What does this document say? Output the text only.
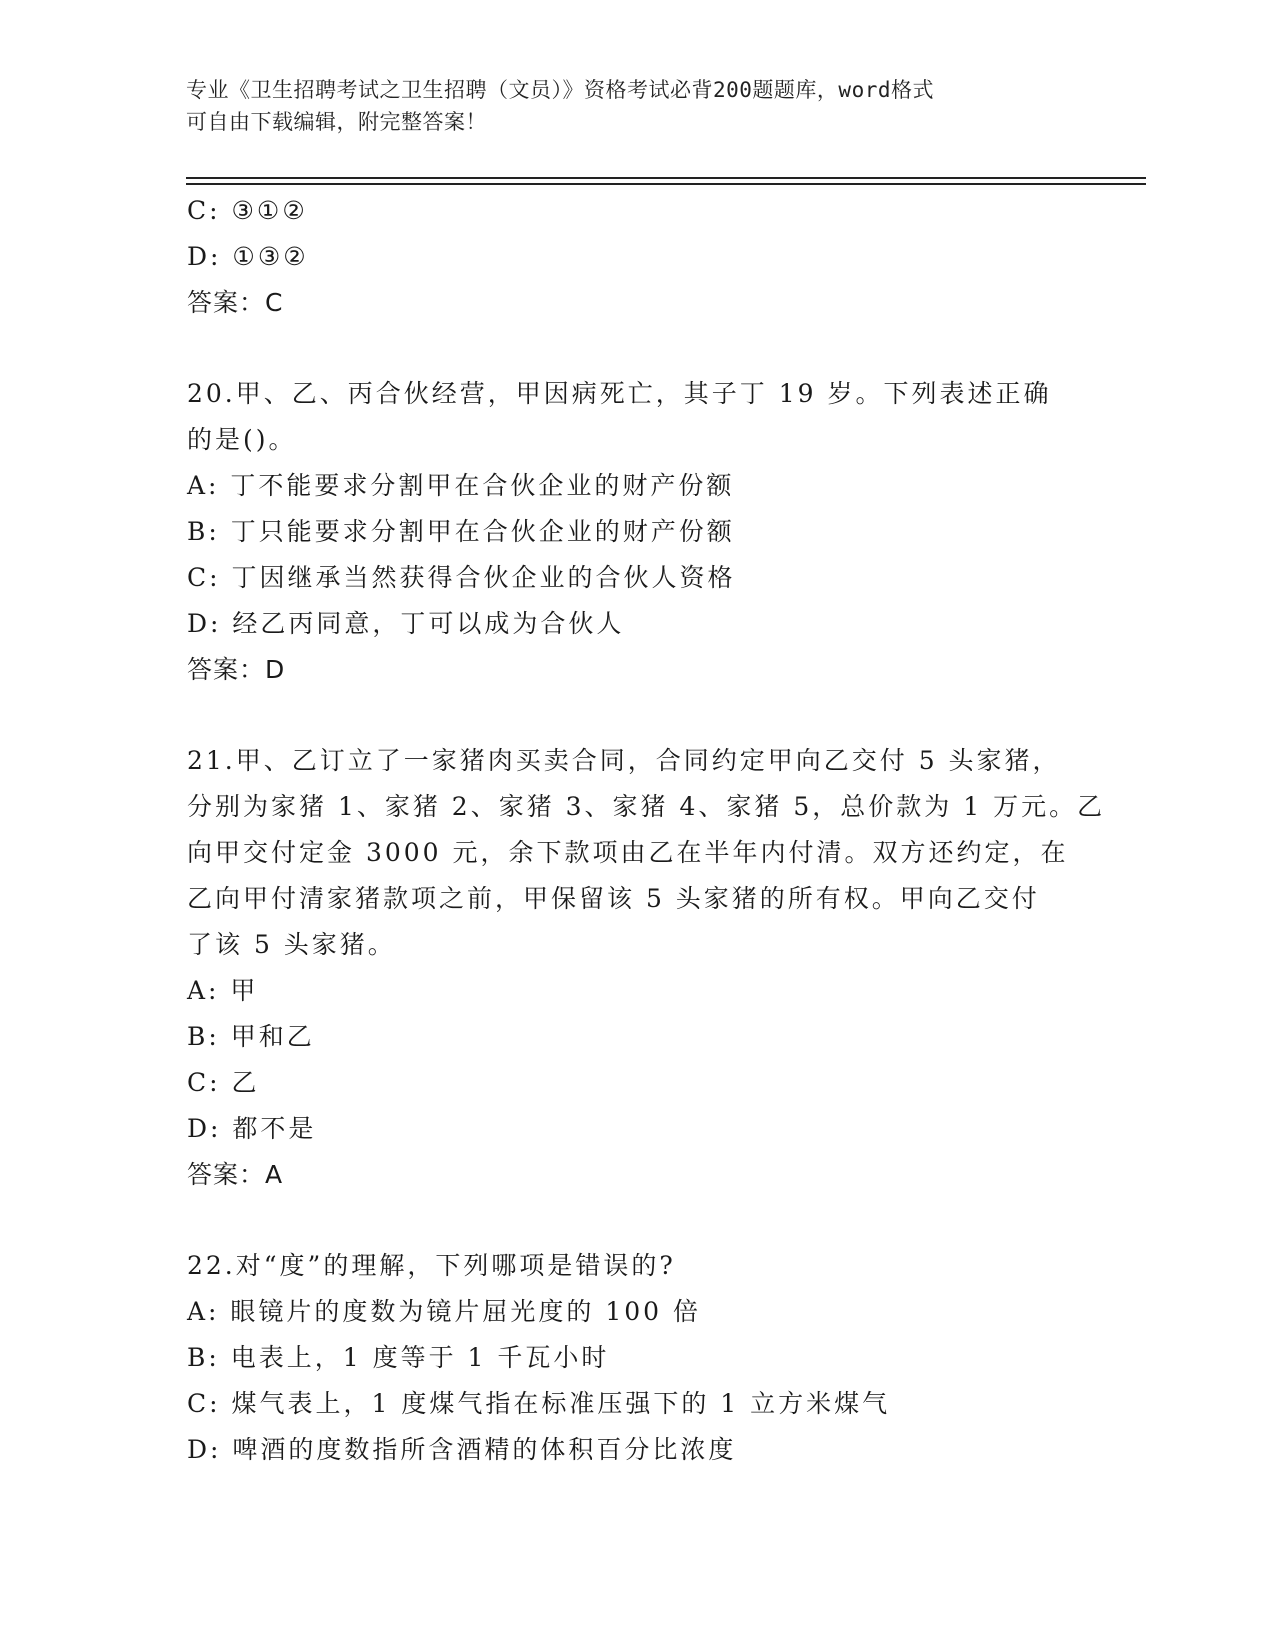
专业《卫生招聘考试之卫生招聘（文员）》资格考试必背200题题库，word格式
可自由下载编辑，附完整答案！
C: ③①②
D: ①③②
答案：C
20.甲、乙、丙合伙经营，甲因病死亡，其子丁 19 岁。下列表述正确
的是()。
A: 丁不能要求分割甲在合伙企业的财产份额
B: 丁只能要求分割甲在合伙企业的财产份额
C: 丁因继承当然获得合伙企业的合伙人资格
D: 经乙丙同意，丁可以成为合伙人
答案：D
21.甲、乙订立了一家猪肉买卖合同，合同约定甲向乙交付 5 头家猪，
分别为家猪 1、家猪 2、家猪 3、家猪 4、家猪 5，总价款为 1 万元。乙
向甲交付定金 3000 元，余下款项由乙在半年内付清。双方还约定，在
乙向甲付清家猪款项之前，甲保留该 5 头家猪的所有权。甲向乙交付
了该 5 头家猪。
A: 甲
B: 甲和乙
C: 乙
D: 都不是
答案：A
22.对“度”的理解，下列哪项是错误的?
A: 眼镜片的度数为镜片屈光度的 100 倍
B: 电表上，1 度等于 1 千瓦小时
C: 煤气表上，1 度煤气指在标准压强下的 1 立方米煤气
D: 啤酒的度数指所含酒精的体积百分比浓度
